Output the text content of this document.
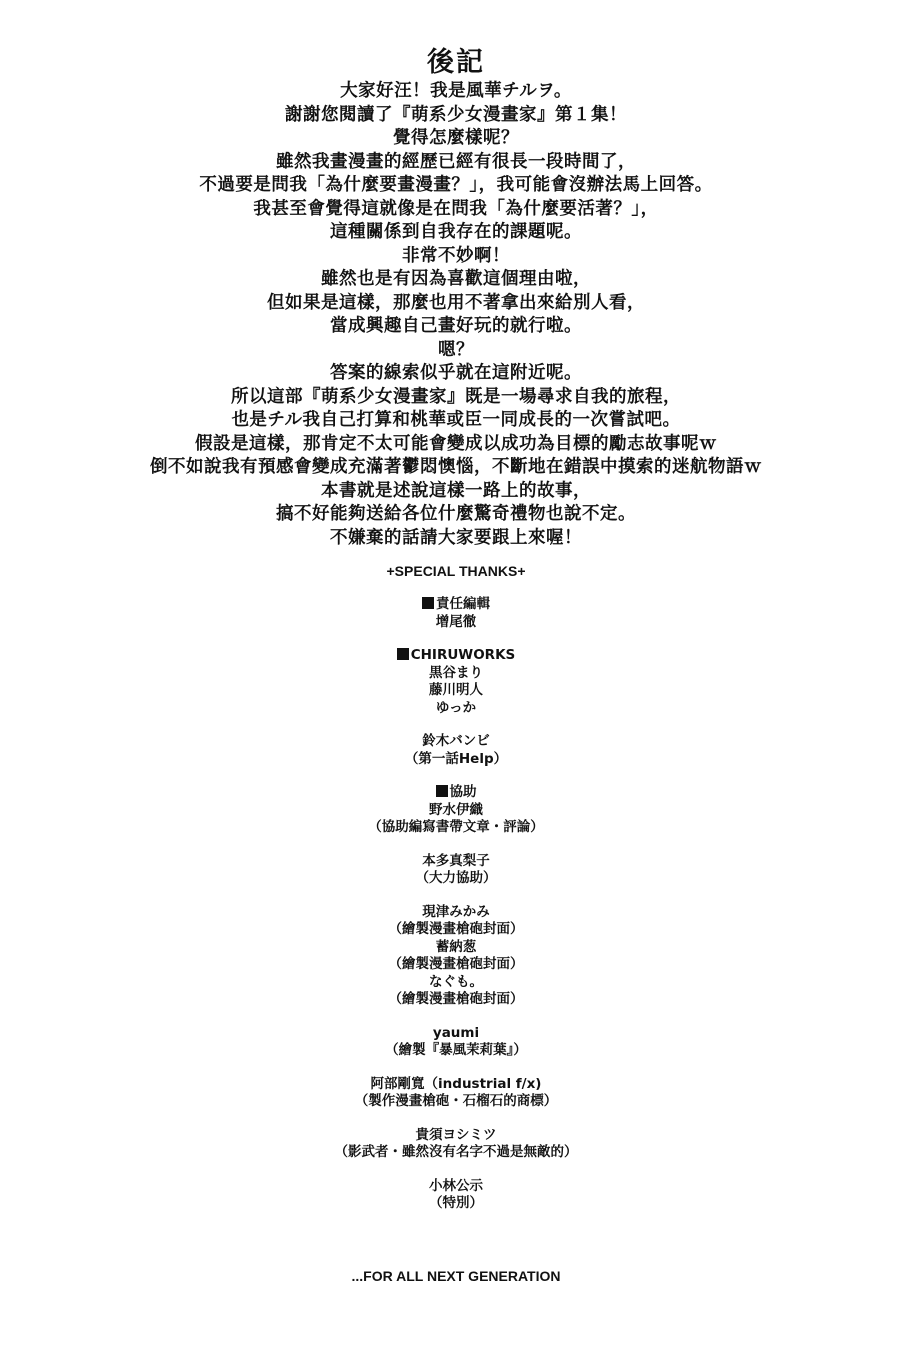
後記
大家好汪！我是風華チルヲ。
謝謝您閱讀了『萌系少女漫畫家』第１集！
覺得怎麼樣呢？
雖然我畫漫畫的經歷已經有很長一段時間了，
不過要是問我「為什麼要畫漫畫？」，我可能會沒辦法馬上回答。
我甚至會覺得這就像是在問我「為什麼要活著？」，
這種關係到自我存在的課題呢。
非常不妙啊！
雖然也是有因為喜歡這個理由啦，
但如果是這樣，那麼也用不著拿出來給別人看，
當成興趣自己畫好玩的就行啦。
嗯？
答案的線索似乎就在這附近呢。
所以這部『萌系少女漫畫家』既是一場尋求自我的旅程，
也是チル我自己打算和桃華或臣一同成長的一次嘗試吧。
假設是這樣，那肯定不太可能會變成以成功為目標的勵志故事呢ｗ
倒不如說我有預感會變成充滿著鬱悶懊惱，不斷地在錯誤中摸索的迷航物語ｗ
本書就是述說這樣一路上的故事，
搞不好能夠送給各位什麼驚奇禮物也說不定。
不嫌棄的話請大家要跟上來喔！
+SPECIAL THANKS+
責任編輯
增尾徹
CHIRUWORKS
黒谷まり
藤川明人
ゆっか
鈴木バンビ
（第一話Help）
協助
野水伊織
（協助編寫書帶文章・評論）
本多真梨子
（大力協助）
現津みかみ
（繪製漫畫槍砲封面）
蓄納葱
（繪製漫畫槍砲封面）
なぐも。
（繪製漫畫槍砲封面）
yaumi
（繪製『暴風茉莉葉』）
阿部剛寬（industrial f/x)
（製作漫畫槍砲・石榴石的商標）
貴須ヨシミツ
（影武者・雖然沒有名字不過是無敵的）
小林公示
（特別）
...FOR ALL NEXT GENERATION
